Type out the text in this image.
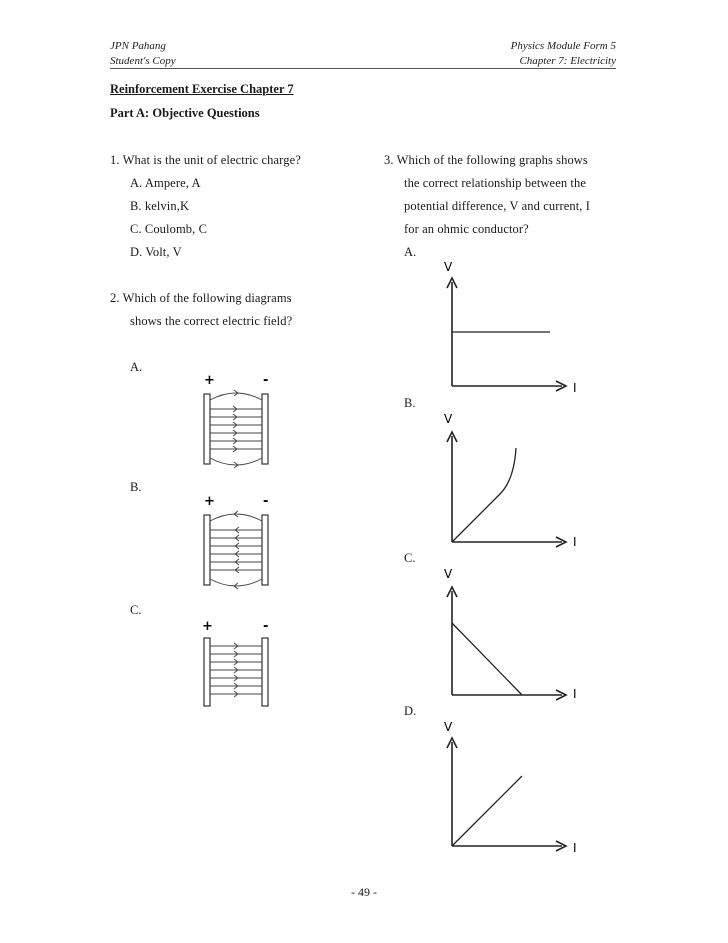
JPN Pahang
Student's Copy
Physics Module Form 5
Chapter 7: Electricity
Reinforcement Exercise Chapter 7
Part A: Objective Questions
1. What is the unit of electric charge?
A. Ampere, A
B. kelvin,K
C. Coulomb, C
D. Volt, V
2. Which of the following diagrams
shows the correct electric field?
A.
B.
C.
+	-
+	-
+	-
3. Which of the following graphs shows
the correct relationship between the
potential difference, V and current, I
for an ohmic conductor?
A.
B.
C.
D.
V
I
V
I
V
I
V
I
- 49 -
